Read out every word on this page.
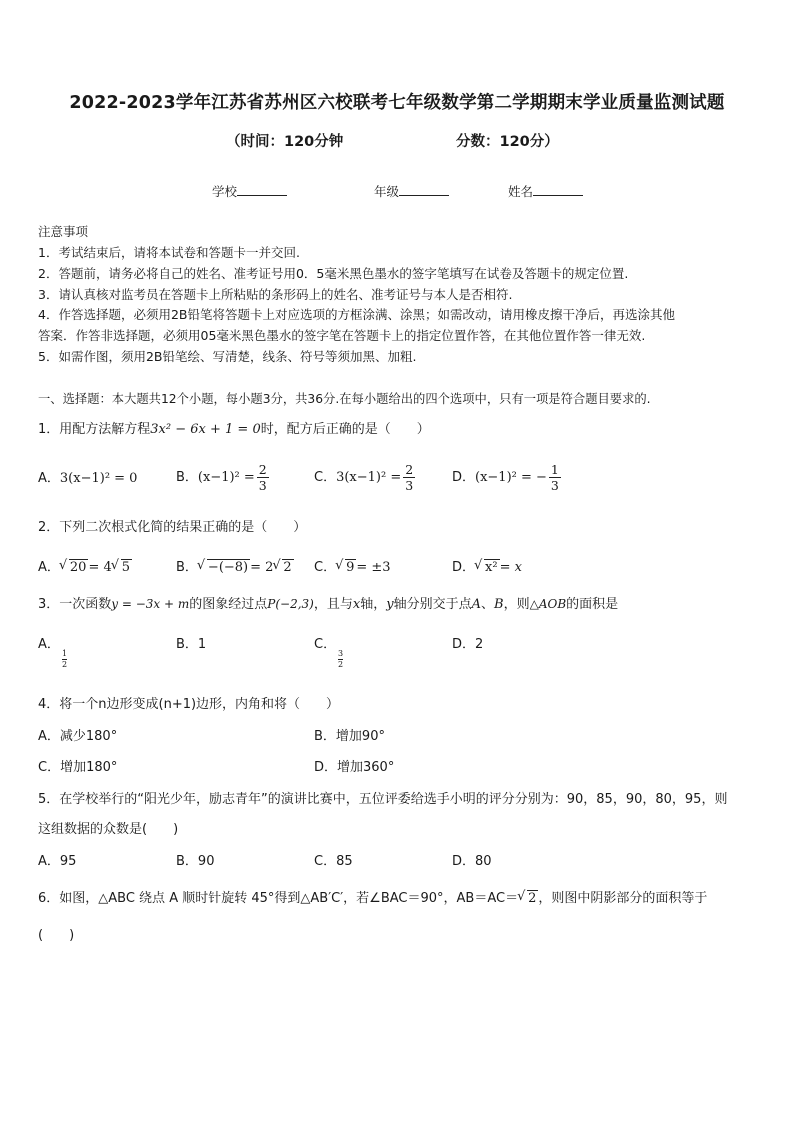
2022-2023学年江苏省苏州区六校联考七年级数学第二学期期末学业质量监测试题
（时间：120分钟	分数：120分）
学校	年级	姓名
注意事项
1．考试结束后，请将本试卷和答题卡一并交回.
2．答题前，请务必将自己的姓名、准考证号用0．5毫米黑色墨水的签字笔填写在试卷及答题卡的规定位置.
3．请认真核对监考员在答题卡上所粘贴的条形码上的姓名、准考证号与本人是否相符.
4．作答选择题，必须用2B铅笔将答题卡上对应选项的方框涂满、涂黑；如需改动，请用橡皮擦干净后，再选涂其他
答案．作答非选择题，必须用05毫米黑色墨水的签字笔在答题卡上的指定位置作答，在其他位置作答一律无效.
5．如需作图，须用2B铅笔绘、写清楚，线条、符号等须加黑、加粗.
一、选择题：本大题共12个小题，每小题3分，共36分.在每小题给出的四个选项中，只有一项是符合题目要求的.
1．用配方法解方程3x² − 6x + 1 = 0时，配方后正确的是（　　）
A．3(x−1)² = 0	B．$(x-1)^2 = \frac{2}{3}$	C．$3(x-1)^2 = \frac{2}{3}$	D．(x−1)² = − $\frac{1}{3}$
2．下列二次根式化简的结果正确的是（　　）
A． √ 20 = 4 √ 5	B． √ −(−8) = 2 √ 2 C． √ 9 = ±3	D． √ x² = x
3．一次函数y = −3x + m的图象经过点P(−2,3)，且与x轴，y轴分别交于点A、B，则△AOB的面积是
A．
1
2
B．1	C．
3
2
D．2
4．将一个n边形变成(n+1)边形，内角和将（　　）
A．减少180°	B．增加90°
C．增加180°	D．增加360°
5．在学校举行的“阳光少年，励志青年”的演讲比赛中，五位评委给选手小明的评分分别为：90，85，90，80，95，则
这组数据的众数是(　　)
A．95	B．90	C．85	D．80
6．如图，△ABC 绕点 A 顺时针旋转 45°得到△AB′C′，若∠BAC＝90°，AB＝AC＝ √ 2 ，则图中阴影部分的面积等于
(　　)
